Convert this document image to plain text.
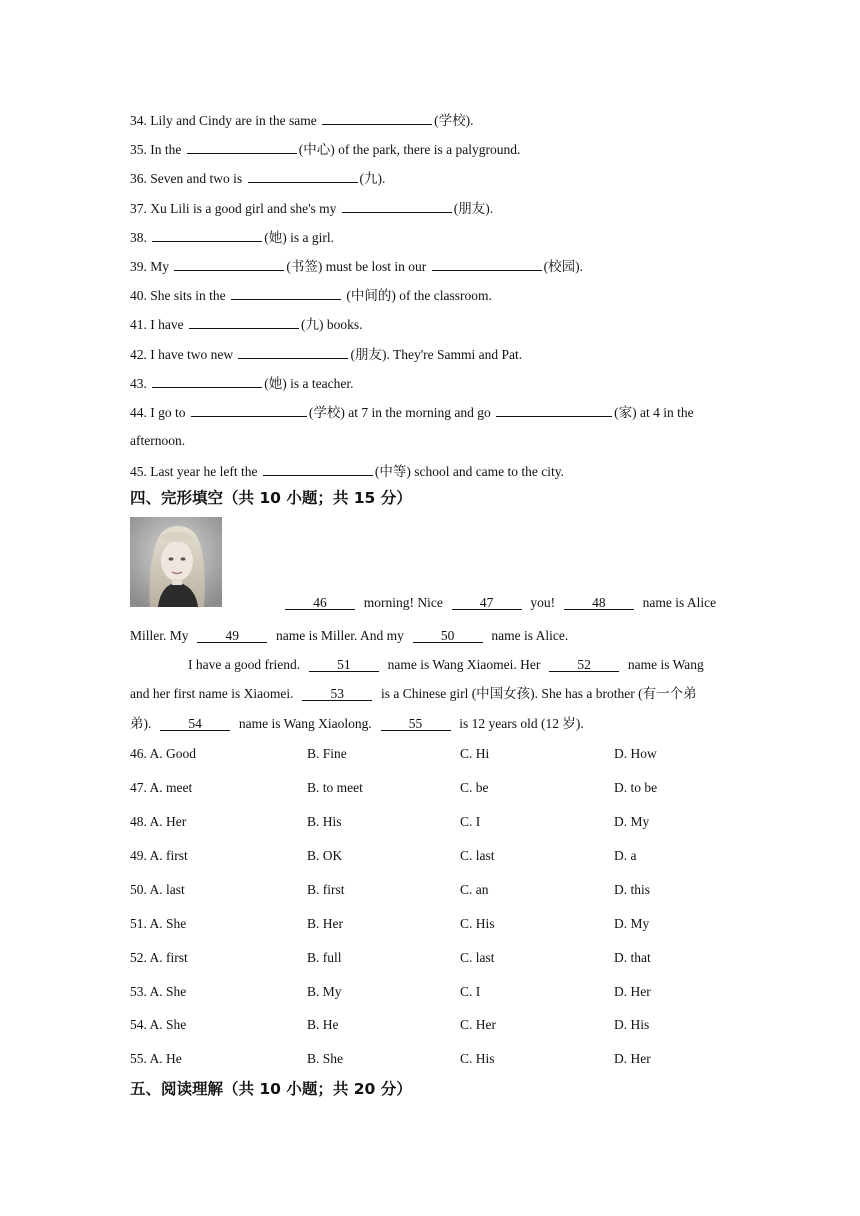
34. Lily and Cindy are in the same	(学校).
35. In the	(中心) of the park, there is a palyground.
36. Seven and two is	(九).
37. Xu Lili is a good girl and she's my	(朋友).
38.	(她) is a girl.
39. My	(书签) must be lost in our	(校园).
40. She sits in the	(中间的) of the classroom.
41. I have	(九) books.
42. I have two new	(朋友). They're Sammi and Pat.
43.	(她) is a teacher.
44. I go to	(学校) at 7 in the morning and go	(家) at 4 in the
afternoon.
45. Last year he left the	(中等) school and came to the city.
四、完形填空（共 10 小题；共 15 分）
46	morning! Nice	47	you!	48	name is Alice
Miller. My	49	name is Miller. And my	50	name is Alice.
I have a good friend.	51	name is Wang Xiaomei. Her	52	name is Wang
and her first name is Xiaomei.	53	is a Chinese girl (中国女孩). She has a brother (有一个弟
弟).	54	name is Wang Xiaolong.	55	is 12 years old (12 岁).
46. A. Good	B. Fine	C. Hi	D. How
47. A. meet	B. to meet	C. be	D. to be
48. A. Her	B. His	C. I	D. My
49. A. first	B. OK	C. last	D. a
50. A. last	B. first	C. an	D. this
51. A. She	B. Her	C. His	D. My
52. A. first	B. full	C. last	D. that
53. A. She	B. My	C. I	D. Her
54. A. She	B. He	C. Her	D. His
55. A. He	B. She	C. His	D. Her
五、阅读理解（共 10 小题；共 20 分）
